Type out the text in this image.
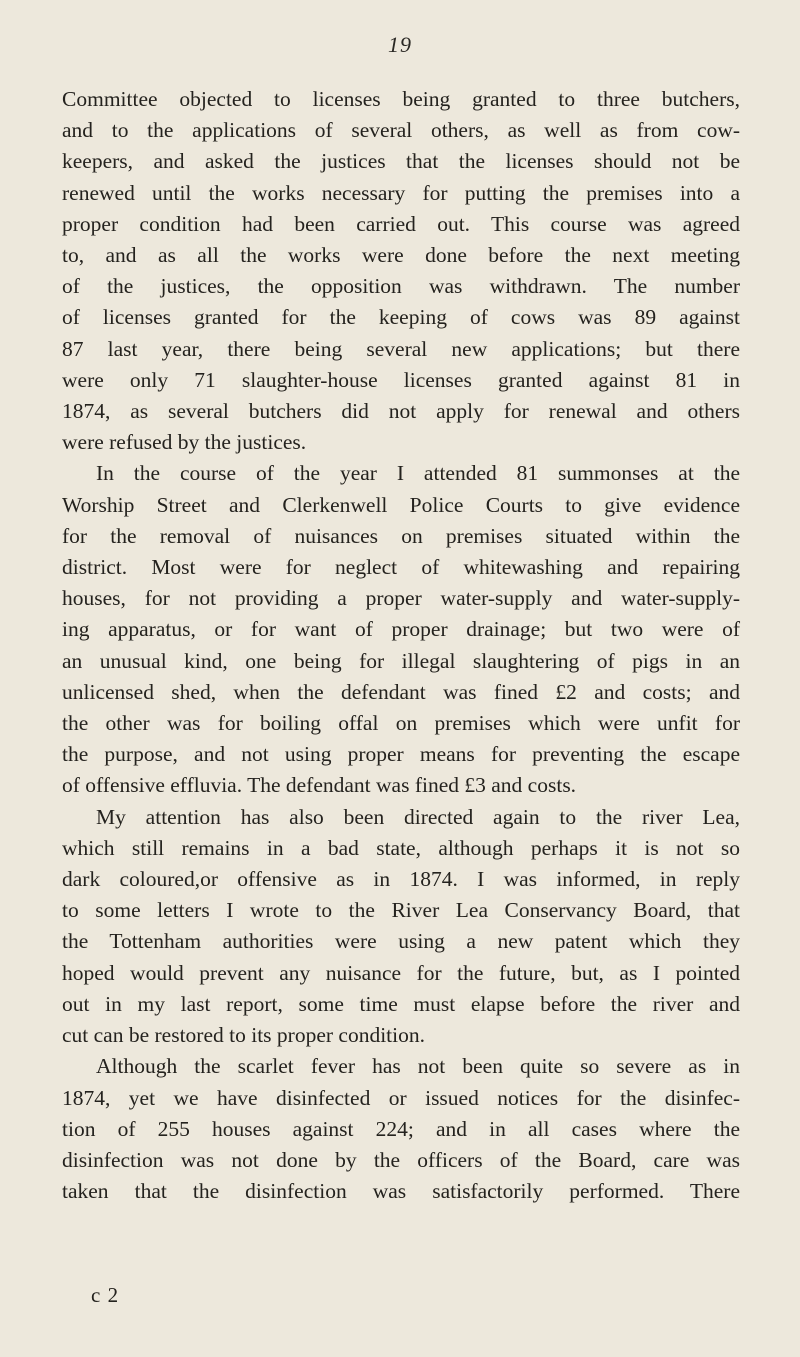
19

Committee objected to licenses being granted to three butchers,

and to the applications of several others, as well as from cow-

keepers, and asked the justices that the licenses should not be

renewed until the works necessary for putting the premises into a

proper condition had been carried out. This course was agreed

to, and as all the works were done before the next meeting

of the justices, the opposition was withdrawn. The number

of licenses granted for the keeping of cows was 89 against

87 last year, there being several new applications; but there

were only 71 slaughter-house licenses granted against 81 in

1874, as several butchers did not apply for renewal and others

were refused by the justices.

In the course of the year I attended 81 summonses at the

Worship Street and Clerkenwell Police Courts to give evidence

for the removal of nuisances on premises situated within the

district. Most were for neglect of whitewashing and repairing

houses, for not providing a proper water-supply and water-supply-

ing apparatus, or for want of proper drainage; but two were of

an unusual kind, one being for illegal slaughtering of pigs in an

unlicensed shed, when the defendant was fined £2 and costs; and

the other was for boiling offal on premises which were unfit for

the purpose, and not using proper means for preventing the escape

of offensive effluvia. The defendant was fined £3 and costs.

My attention has also been directed again to the river Lea,

which still remains in a bad state, although perhaps it is not so

dark coloured,or offensive as in 1874. I was informed, in reply

to some letters I wrote to the River Lea Conservancy Board, that

the Tottenham authorities were using a new patent which they

hoped would prevent any nuisance for the future, but, as I pointed

out in my last report, some time must elapse before the river and

cut can be restored to its proper condition.

Although the scarlet fever has not been quite so severe as in

1874, yet we have disinfected or issued notices for the disinfec-

tion of 255 houses against 224; and in all cases where the

disinfection was not done by the officers of the Board, care was

taken that the disinfection was satisfactorily performed. There

c 2
